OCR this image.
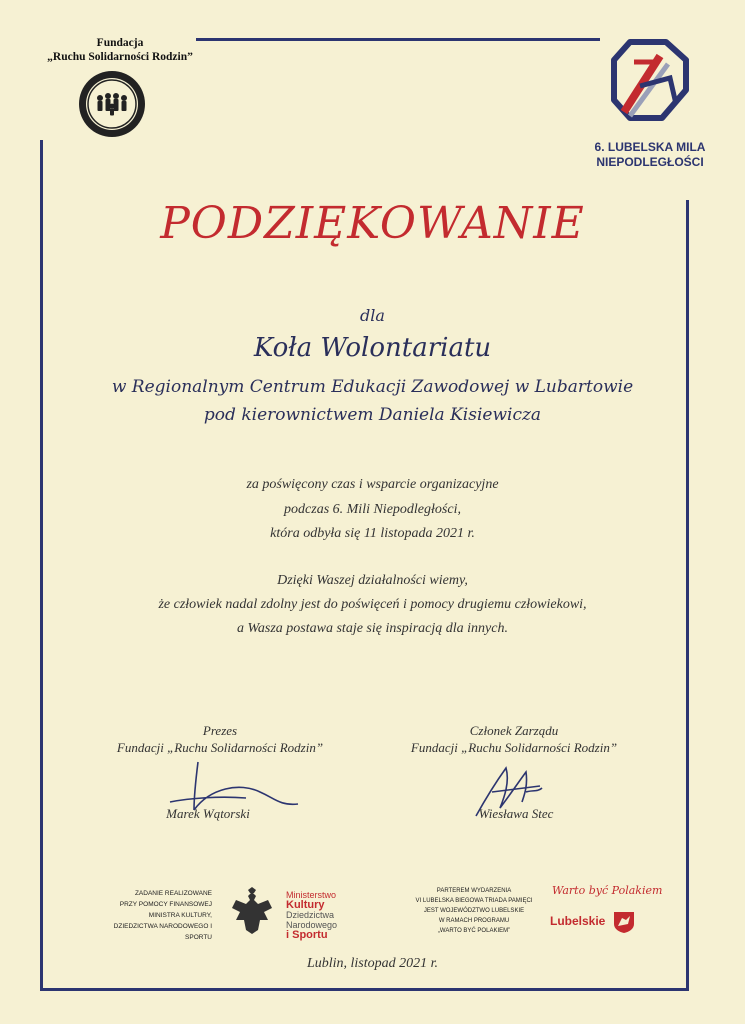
Fundacja
„Ruchu Solidarności Rodzin”
6. LUBELSKA MILA
NIEPODLEGŁOŚCI
PODZIĘKOWANIE
dla
Koła Wolontariatu
w Regionalnym Centrum Edukacji Zawodowej w Lubartowie
pod kierownictwem Daniela Kisiewicza
za poświęcony czas i wsparcie organizacyjne
podczas 6. Mili Niepodległości,
która odbyła się 11 listopada 2021 r.
Dzięki Waszej działalności wiemy,
że człowiek nadal zdolny jest do poświęceń i pomocy drugiemu człowiekowi,
a Wasza postawa staje się inspiracją dla innych.
Prezes
Fundacji „Ruchu Solidarności Rodzin”
Marek Wątorski
Członek Zarządu
Fundacji „Ruchu Solidarności Rodzin”
Wiesława Stec
ZADANIE REALIZOWANE
PRZY POMOCY FINANSOWEJ
MINISTRA KULTURY,
DZIEDZICTWA NARODOWEGO I SPORTU
Ministerstwo
Kultury
Dziedzictwa Narodowego
i Sportu
PARTEREM WYDARZENIA
VI LUBELSKA BIEGOWA TRIADA PAMIĘCI
JEST WOJEWÓDZTWO LUBELSKIE
W RAMACH PROGRAMU
„WARTO BYĆ POLAKIEM”
Warto być Polakiem
Lubelskie
Lublin, listopad 2021 r.
